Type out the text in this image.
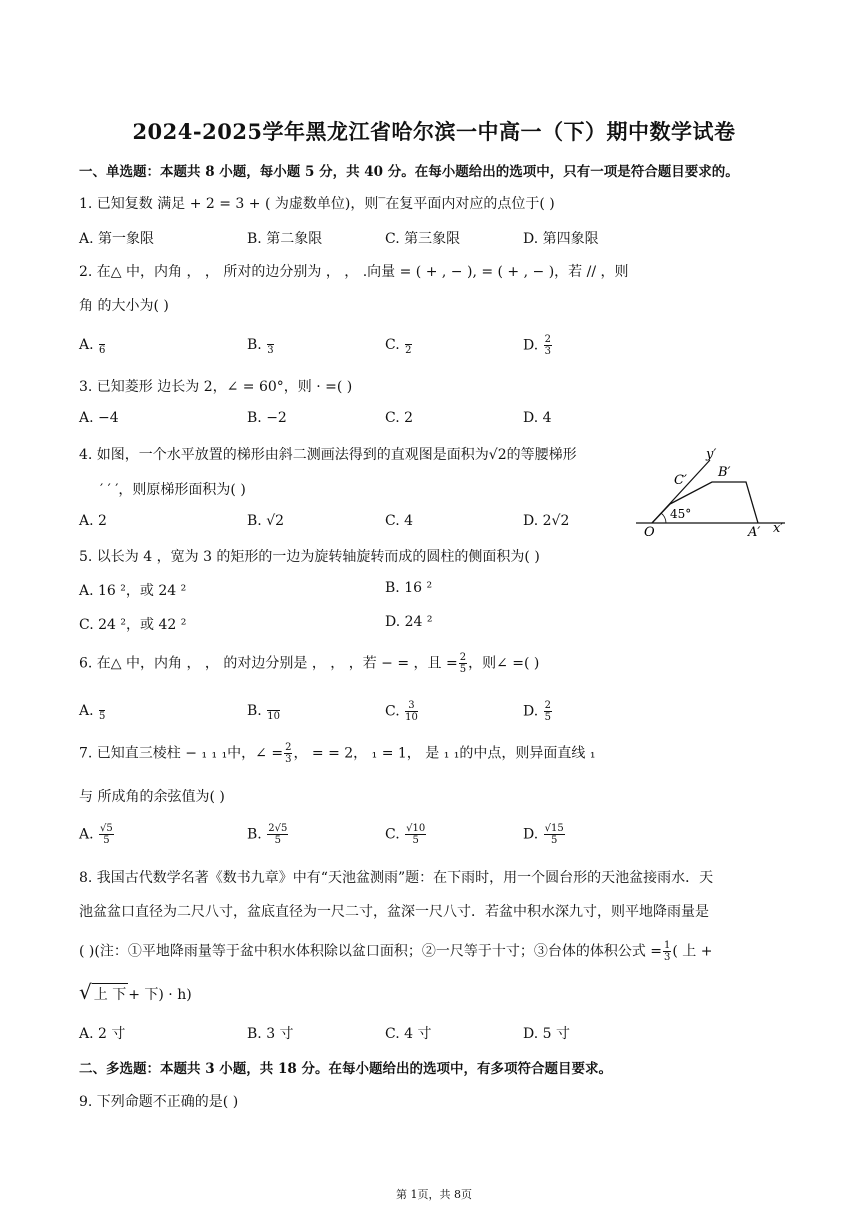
2024-2025学年黑龙江省哈尔滨一中高一（下）期中数学试卷
一、单选题：本题共 8 小题，每小题 5 分，共 40 分。在每小题给出的选项中，只有一项是符合题目要求的。
1. 已知复数 满足 + 2 = 3 + ( 为虚数单位)，则‾在复平面内对应的点位于( )
A. 第一象限	B. 第二象限	C. 第三象限	D. 第四象限
2. 在△ 中，内角 ， ， 所对的边分别为 ， ， .向量 = ( + , − ), = ( + , − )，若 // ，则
角 的大小为( )
A. 6	B. 3	C. 2	D. $\frac{2}{3}$
3. 已知菱形 边长为 2，∠ = 60°，则 · =( )
A. −4	B. −2	C. 2	D. 4
4. 如图，一个水平放置的梯形由斜二测画法得到的直观图是面积为√2的等腰梯形
′ ′ ′，则原梯形面积为( )
A. 2	B. √2	C. 4	D. 2√2
y′
x′
C′
B′
O	A′
45°
5. 以长为 4 ，宽为 3 的矩形的一边为旋转轴旋转而成的圆柱的侧面积为( )
A. 16 ²，或 24 ²	B. 16 ²
C. 24 ²，或 42 ²	D. 24 ²
6. 在△ 中，内角 ， ， 的对边分别是 ， ， ，若 − = ，且 = $\frac{2}{5}$ ，则∠ =( )
A. 5	B. 10	C. $\frac{3}{10}$	D. $\frac{2}{5}$
7. 已知直三棱柱 − ₁ ₁ ₁中，∠ = $\frac{2}{3}$ ， = = 2， ₁ = 1， 是 ₁ ₁的中点，则异面直线 ₁
与 所成角的余弦值为( )
A. $\frac{√5}{5}$	B. $\frac{2√5}{5}$	C. $\frac{√10}{5}$	D. $\frac{√15}{5}$
8. 我国古代数学名著《数书九章》中有“天池盆测雨”题：在下雨时，用一个圆台形的天池盆接雨水．天
池盆盆口直径为二尺八寸，盆底直径为一尺二寸，盆深一尺八寸．若盆中积水深九寸，则平地降雨量是
( )(注：①平地降雨量等于盆中积水体积除以盆口面积；②一尺等于十寸；③台体的体积公式 = $\frac{1}{3}$ ( 上 +
√上 下 + 下) · h)
A. 2 寸	B. 3 寸	C. 4 寸	D. 5 寸
二、多选题：本题共 3 小题，共 18 分。在每小题给出的选项中，有多项符合题目要求。
9. 下列命题不正确的是( )
第 1页，共 8页
